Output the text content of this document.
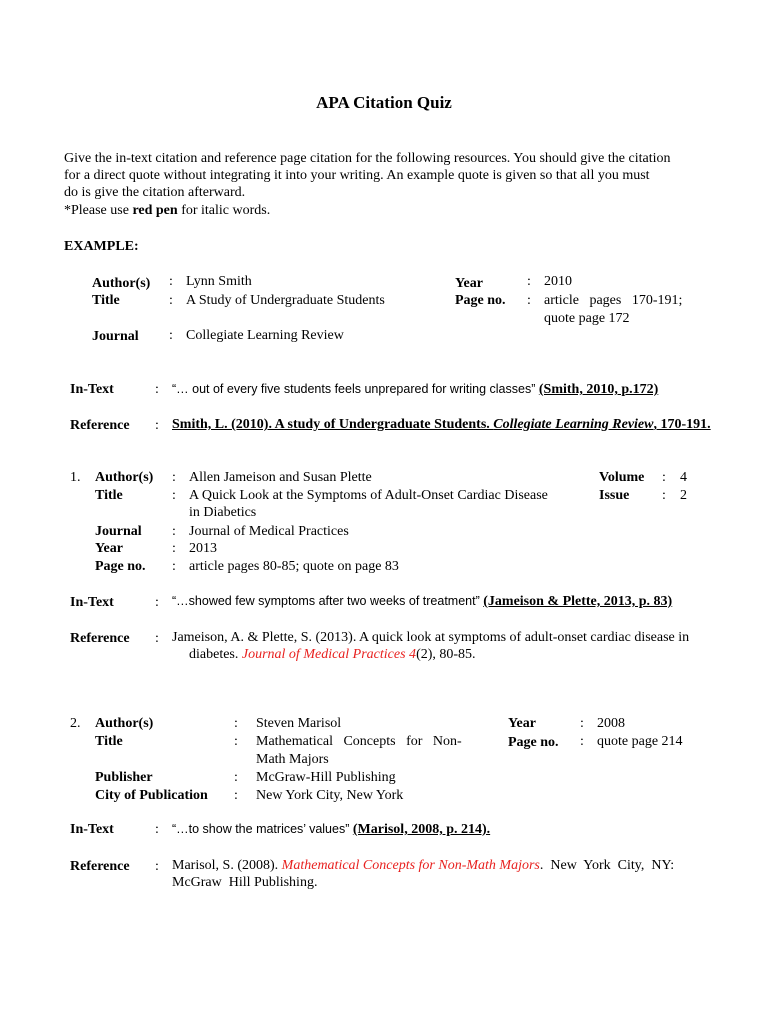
APA Citation Quiz
Give the in-text citation and reference page citation for the following resources. You should give the citation
for a direct quote without integrating it into your writing. An example quote is given so that all you must
do is give the citation afterward.
*Please use red pen for italic words.
EXAMPLE:
Author(s) : Lynn Smith	Year	: 2010
Title	: A Study of Undergraduate Students	Page no. : article   pages   170-191;
quote page 172
Journal : Collegiate Learning Review
In-Text	: “… out of every five students feels unprepared for writing classes” (Smith, 2010, p.172)
Reference : Smith, L. (2010). A study of Undergraduate Students. Collegiate Learning Review, 170-191.
1. Author(s) : Allen Jameison and Susan Plette	Volume : 4
Title	: A Quick Look at the Symptoms of Adult-Onset Cardiac Disease
in Diabetics
Issue : 2
Journal : Journal of Medical Practices
Year	: 2013
Page no. : article pages 80-85; quote on page 83
In-Text	: “…showed few symptoms after two weeks of treatment” (Jameison & Plette, 2013, p. 83)
Reference : Jameison, A. & Plette, S. (2013). A quick look at symptoms of adult-onset cardiac disease in
diabetes. Journal of Medical Practices 4(2), 80-85.
2. Author(s)	: Steven Marisol	Year	: 2008
Title	: Mathematical   Concepts   for   Non-
Math Majors
Page no. : quote page 214
Publisher	: McGraw-Hill Publishing
City of Publication : New York City, New York
In-Text	: “…to show the matrices’ values” (Marisol, 2008, p. 214).
Reference : Marisol, S. (2008). Mathematical Concepts for Non-Math Majors.  New  York  City,  NY:
McGraw  Hill Publishing.
